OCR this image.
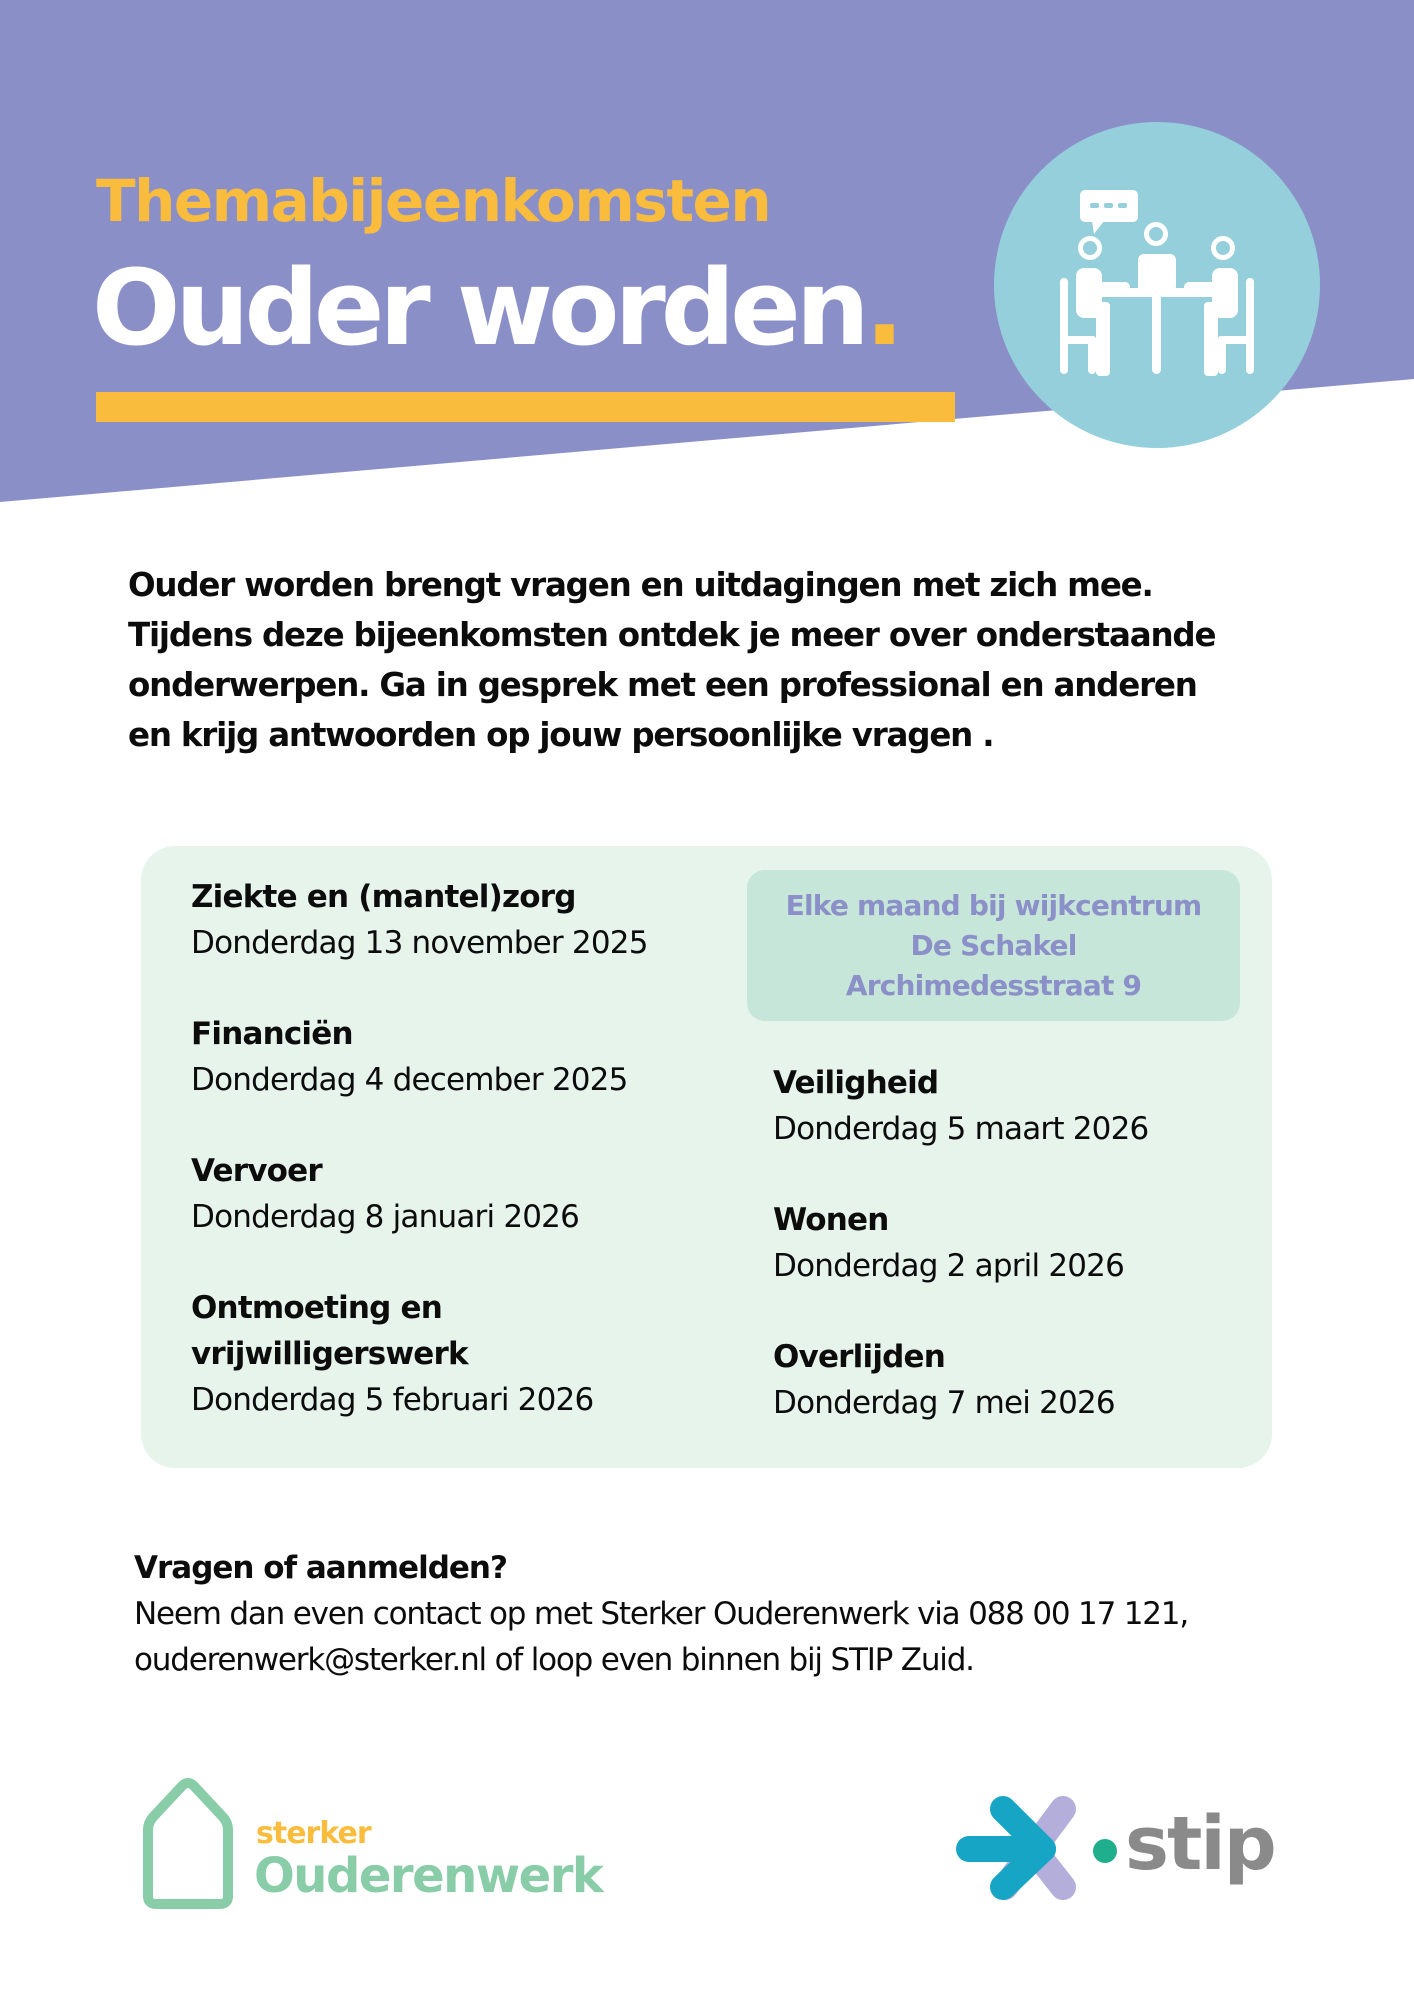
Themabijeenkomsten
Ouder worden.
Ouder worden brengt vragen en uitdagingen met zich mee.
Tijdens deze bijeenkomsten ontdek je meer over onderstaande
onderwerpen. Ga in gesprek met een professional en anderen
en krijg antwoorden op jouw persoonlijke vragen .
Ziekte en (mantel)zorg
Donderdag 13 november 2025
Financiën
Donderdag 4 december 2025
Vervoer
Donderdag 8 januari 2026
Ontmoeting en
vrijwilligerswerk
Donderdag 5 februari 2026
Elke maand bij wijkcentrum
De Schakel
Archimedesstraat 9
Veiligheid
Donderdag 5 maart 2026
Wonen
Donderdag 2 april 2026
Overlijden
Donderdag 7 mei 2026
Vragen of aanmelden?
Neem dan even contact op met Sterker Ouderenwerk via 088 00 17 121,
ouderenwerk@sterker.nl of loop even binnen bij STIP Zuid.
sterker
Ouderenwerk	stip
